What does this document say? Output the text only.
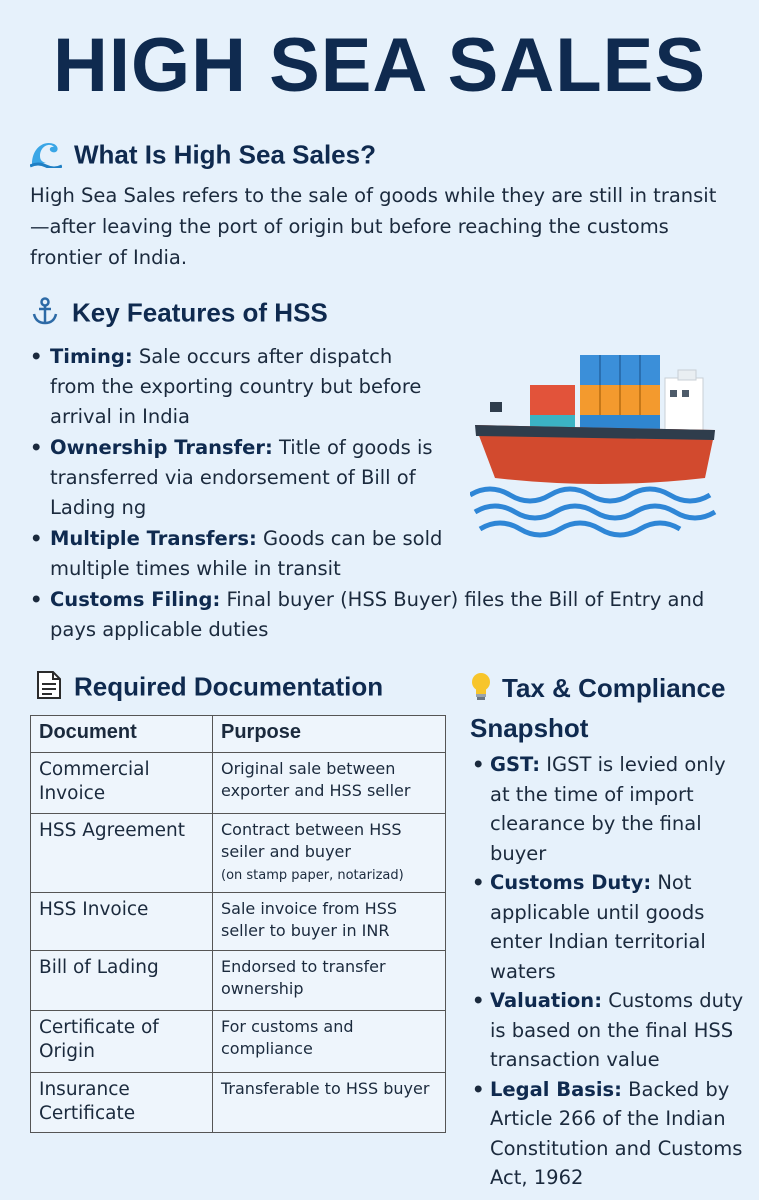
HIGH SEA SALES
What Is High Sea Sales?
High Sea Sales refers to the sale of goods while they are still in transit—after leaving the port of origin but before reaching the customs frontier of India.
Key Features of HSS
• Timing: Sale occurs after dispatch from the exporting country but before arrival in India
• Ownership Transfer: Title of goods is transferred via endorsement of Bill of Lading ng
• Multiple Transfers: Goods can be sold multiple times while in transit
• Customs Filing: Final buyer (HSS Buyer) files the Bill of Entry and pays applicable duties
Required Documentation
Document	Purpose
Commercial Invoice	Original sale between exporter and HSS seller
HSS Agreement	Contract between HSS seiler and buyer
(on stamp paper, notarizad)
HSS Invoice	Sale invoice from HSS seller to buyer in INR
Bill of Lading	Endorsed to transfer ownership
Certificate of Origin	For customs and compliance
Insurance Certificate	Transferable to HSS buyer
Tax & Compliance Snapshot
• GST: IGST is levied only at the time of import clearance by the final buyer
• Customs Duty: Not applicable until goods enter Indian territorial waters
• Valuation: Customs duty is based on the final HSS transaction value
• Legal Basis: Backed by Article 266 of the Indian Constitution and Customs Act, 1962
